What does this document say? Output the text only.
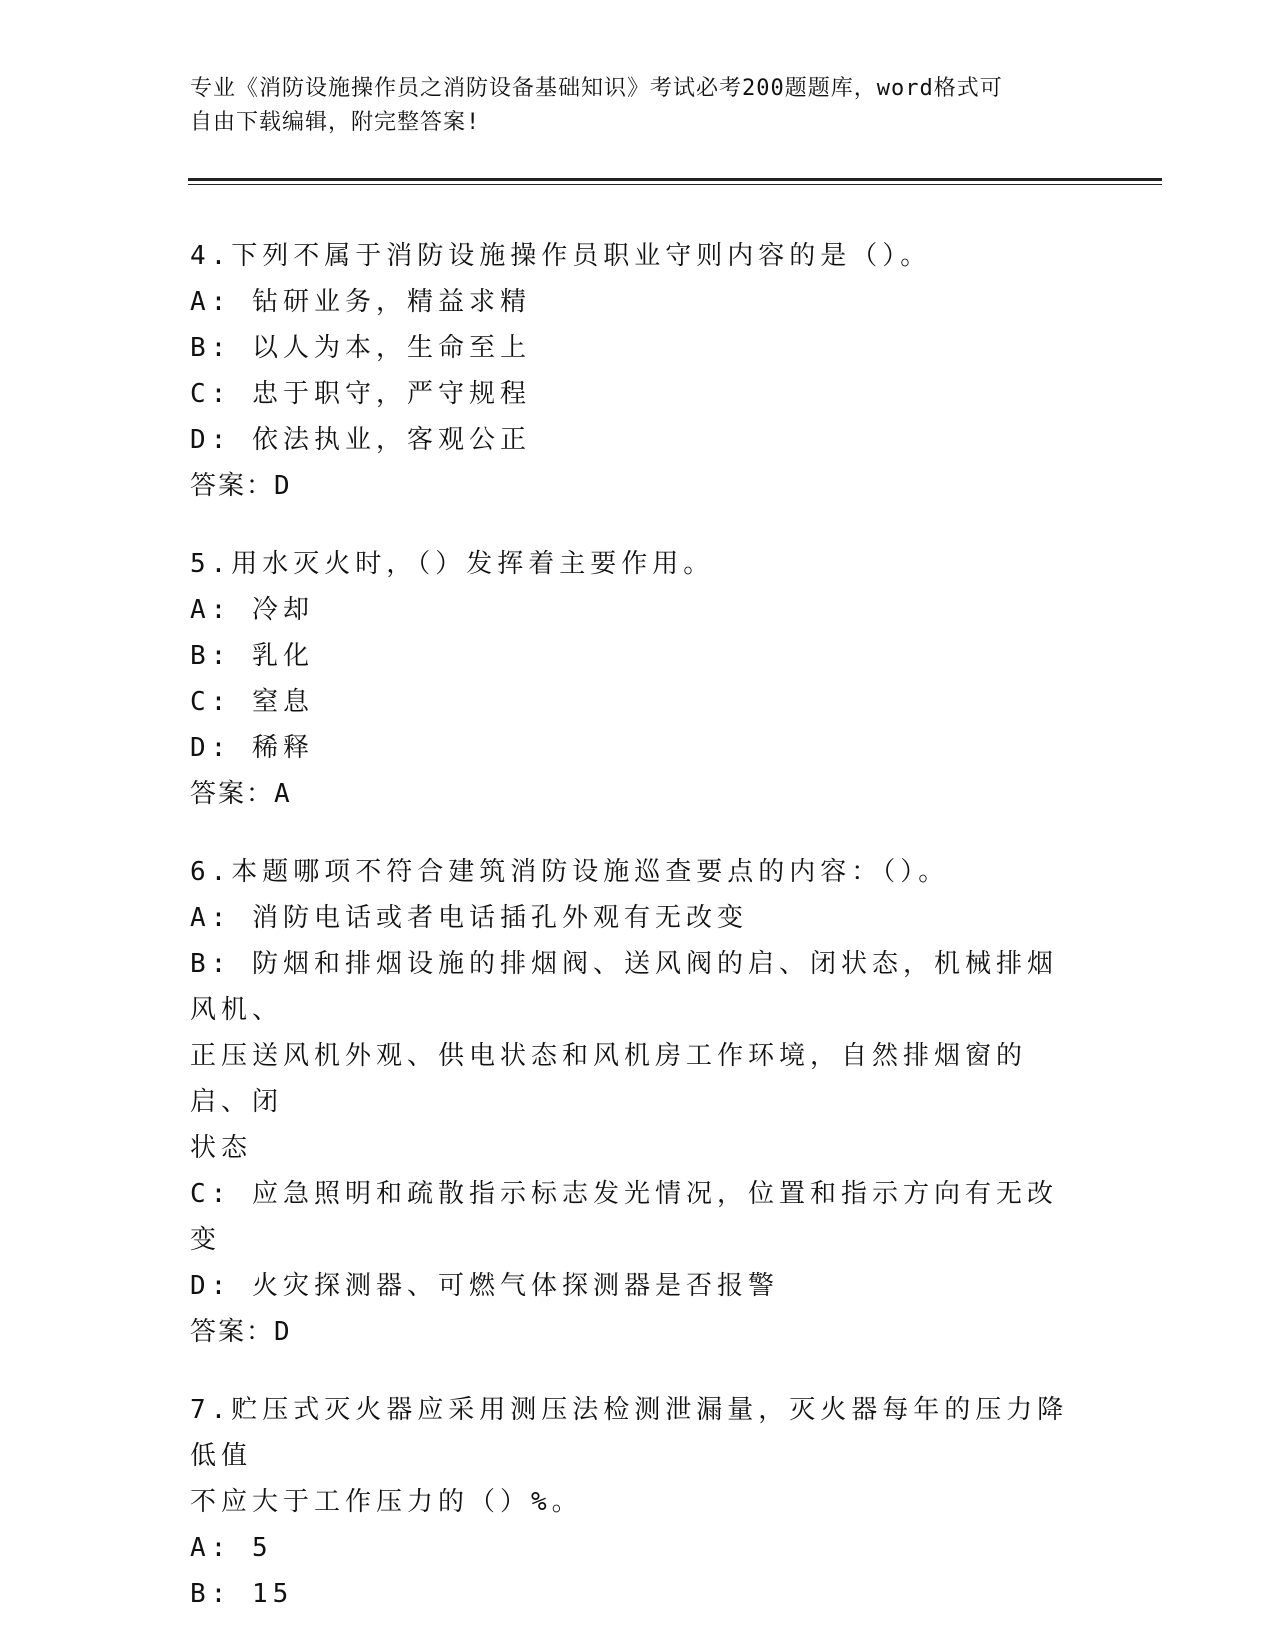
专业《消防设施操作员之消防设备基础知识》考试必考200题题库，word格式可
自由下载编辑，附完整答案!
4.下列不属于消防设施操作员职业守则内容的是（）。
A: 钻研业务，精益求精
B: 以人为本，生命至上
C: 忠于职守，严守规程
D: 依法执业，客观公正
答案：D
5.用水灭火时，（）发挥着主要作用。
A: 冷却
B: 乳化
C: 窒息
D: 稀释
答案：A
6.本题哪项不符合建筑消防设施巡查要点的内容：（）。
A: 消防电话或者电话插孔外观有无改变
B: 防烟和排烟设施的排烟阀、送风阀的启、闭状态，机械排烟风机、
正压送风机外观、供电状态和风机房工作环境，自然排烟窗的启、闭
状态
C: 应急照明和疏散指示标志发光情况，位置和指示方向有无改变
D: 火灾探测器、可燃气体探测器是否报警
答案：D
7.贮压式灭火器应采用测压法检测泄漏量，灭火器每年的压力降低值
不应大于工作压力的（）%。
A: 5
B: 15
